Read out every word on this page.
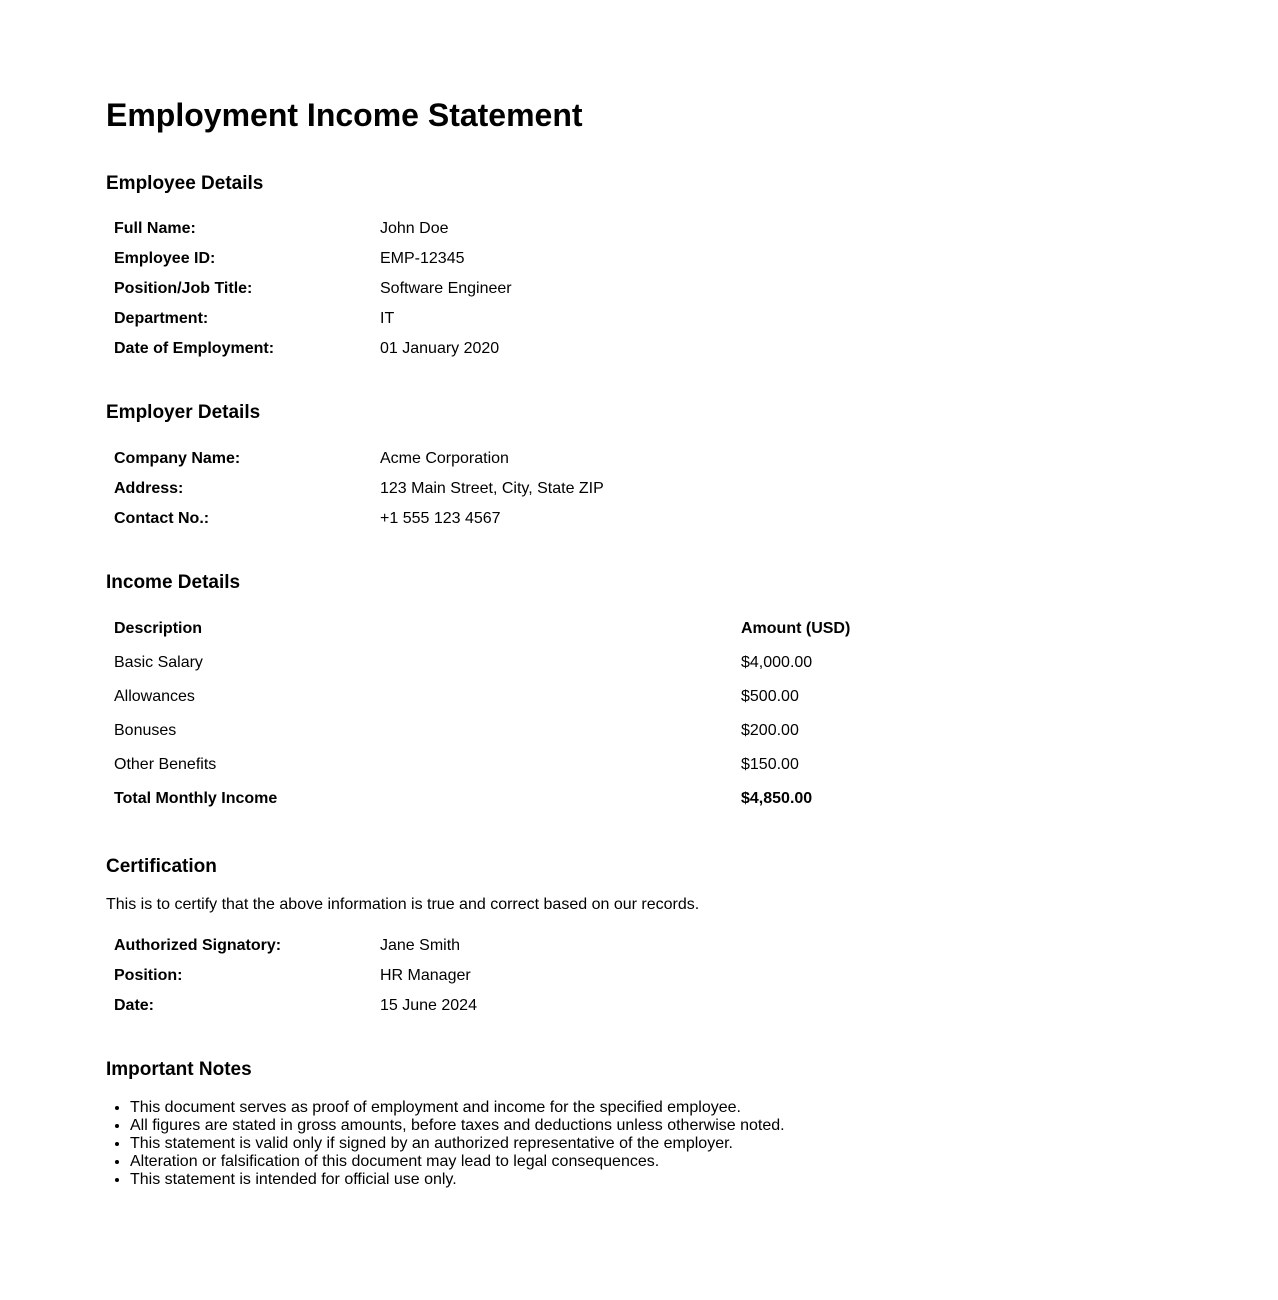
Employment Income Statement
Employee Details
Full Name:	John Doe
Employee ID:	EMP-12345
Position/Job Title:	Software Engineer
Department:	IT
Date of Employment:	01 January 2020
Employer Details
Company Name:	Acme Corporation
Address:	123 Main Street, City, State ZIP
Contact No.:	+1 555 123 4567
Income Details
Description	Amount (USD)
Basic Salary	$4,000.00
Allowances	$500.00
Bonuses	$200.00
Other Benefits	$150.00
Total Monthly Income	$4,850.00
Certification
This is to certify that the above information is true and correct based on our records.
Authorized Signatory:	Jane Smith
Position:	HR Manager
Date:	15 June 2024
Important Notes
• This document serves as proof of employment and income for the specified employee.
• All figures are stated in gross amounts, before taxes and deductions unless otherwise noted.
• This statement is valid only if signed by an authorized representative of the employer.
• Alteration or falsification of this document may lead to legal consequences.
• This statement is intended for official use only.
